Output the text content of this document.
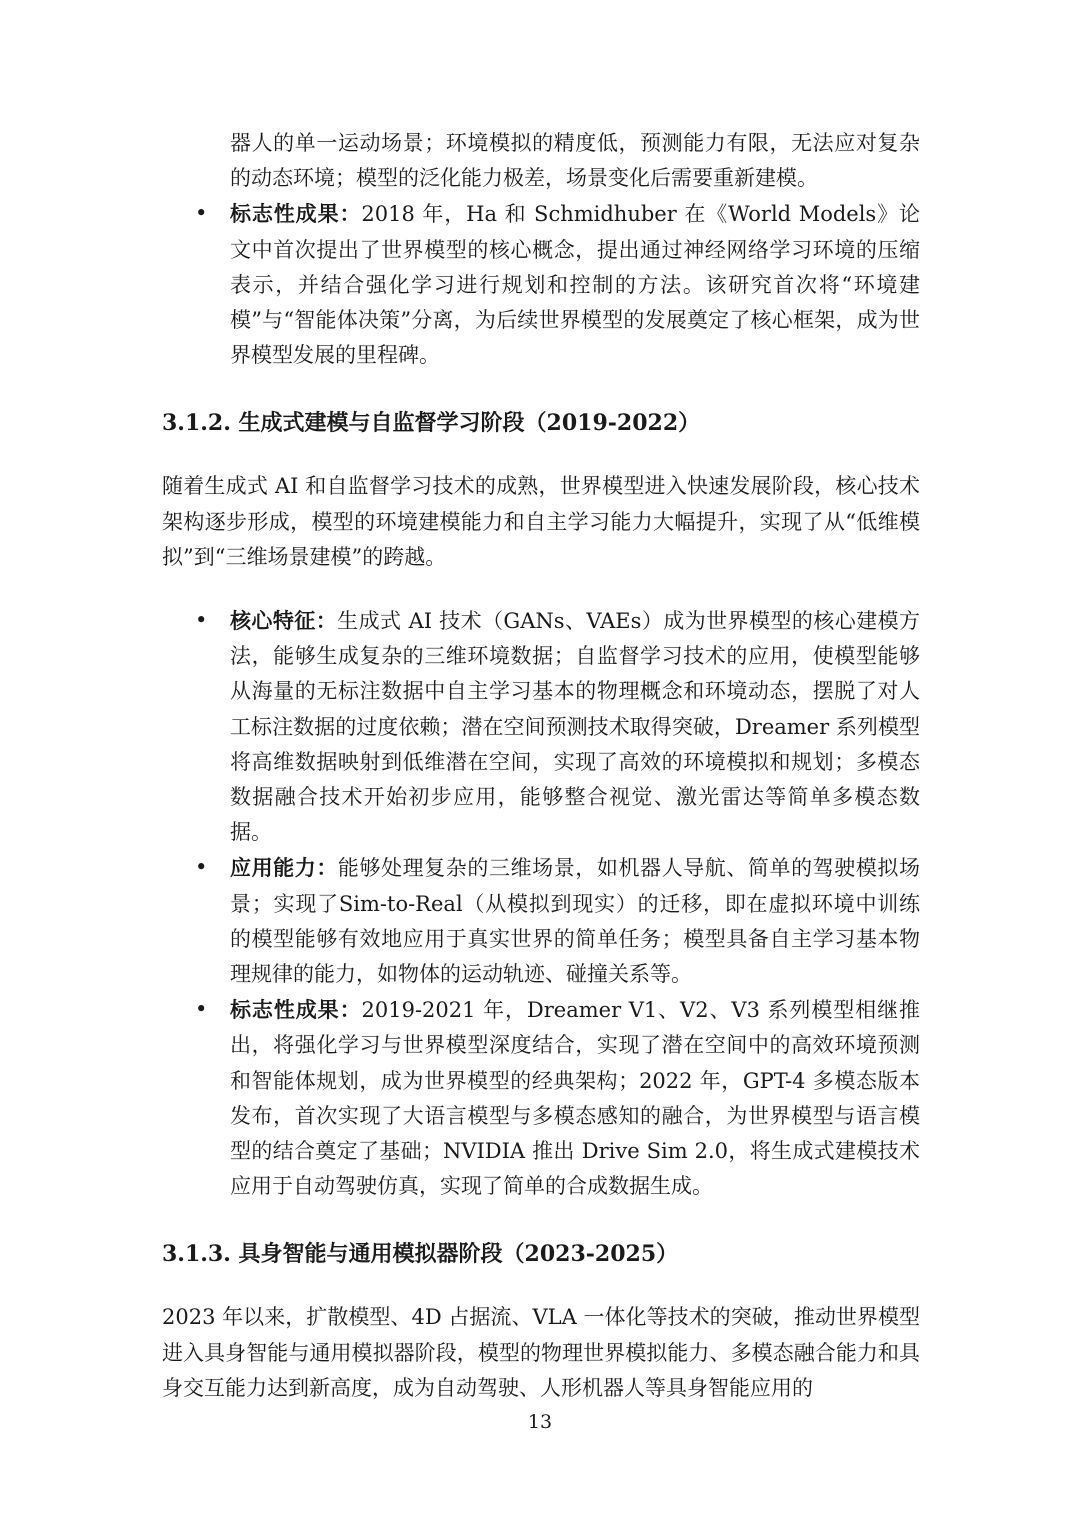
器人的单一运动场景；环境模拟的精度低，预测能力有限，无法应对复杂的动态环境；模型的泛化能力极差，场景变化后需要重新建模。

• 标志性成果：2018 年，Ha 和 Schmidhuber 在《World Models》论文中首次提出了世界模型的核心概念，提出通过神经网络学习环境的压缩表示，并结合强化学习进行规划和控制的方法。该研究首次将“环境建模”与“智能体决策”分离，为后续世界模型的发展奠定了核心框架，成为世界模型发展的里程碑。
3.1.2. 生成式建模与自监督学习阶段（2019-2022）

随着生成式 AI 和自监督学习技术的成熟，世界模型进入快速发展阶段，核心技术架构逐步形成，模型的环境建模能力和自主学习能力大幅提升，实现了从“低维模拟”到“三维场景建模”的跨越。

• 核心特征：生成式 AI 技术（GANs、VAEs）成为世界模型的核心建模方法，能够生成复杂的三维环境数据；自监督学习技术的应用，使模型能够从海量的无标注数据中自主学习基本的物理概念和环境动态，摆脱了对人工标注数据的过度依赖；潜在空间预测技术取得突破，Dreamer 系列模型将高维数据映射到低维潜在空间，实现了高效的环境模拟和规划；多模态数据融合技术开始初步应用，能够整合视觉、激光雷达等简单多模态数据。
• 应用能力：能够处理复杂的三维场景，如机器人导航、简单的驾驶模拟场景；实现了Sim-to-Real（从模拟到现实）的迁移，即在虚拟环境中训练的模型能够有效地应用于真实世界的简单任务；模型具备自主学习基本物理规律的能力，如物体的运动轨迹、碰撞关系等。
• 标志性成果：2019-2021 年，Dreamer V1、V2、V3 系列模型相继推出，将强化学习与世界模型深度结合，实现了潜在空间中的高效环境预测和智能体规划，成为世界模型的经典架构；2022 年，GPT-4 多模态版本发布，首次实现了大语言模型与多模态感知的融合，为世界模型与语言模型的结合奠定了基础；NVIDIA 推出 Drive Sim 2.0，将生成式建模技术应用于自动驾驶仿真，实现了简单的合成数据生成。
3.1.3. 具身智能与通用模拟器阶段（2023-2025）

2023 年以来，扩散模型、4D 占据流、VLA 一体化等技术的突破，推动世界模型进入具身智能与通用模拟器阶段，模型的物理世界模拟能力、多模态融合能力和具身交互能力达到新高度，成为自动驾驶、人形机器人等具身智能应用的

13
